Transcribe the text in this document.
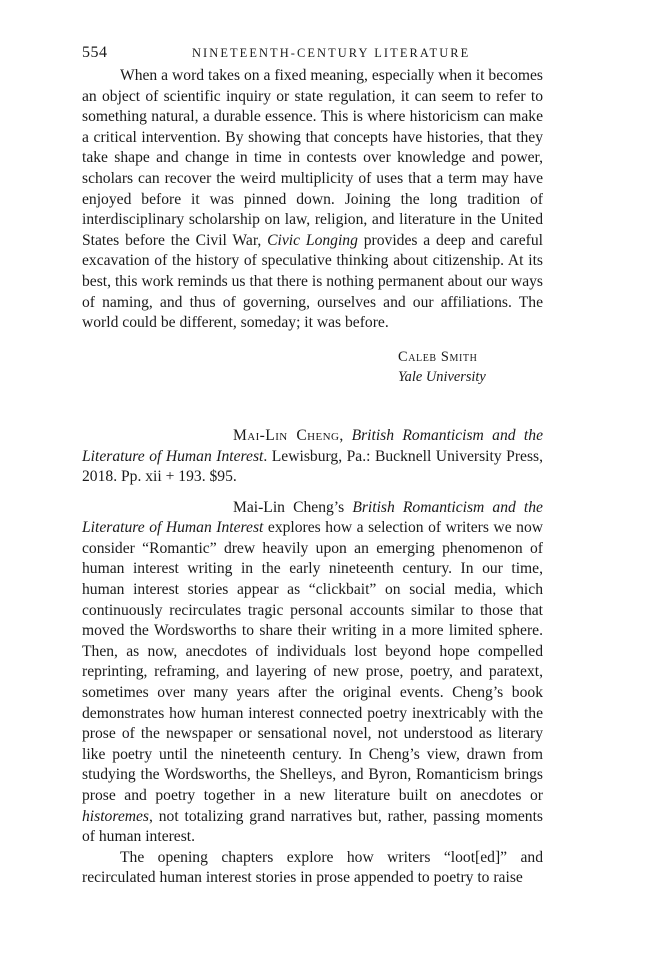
554	NINETEENTH-CENTURY LITERATURE

When a word takes on a fixed meaning, especially when it becomes an object of scientific inquiry or state regulation, it can seem to refer to something natural, a durable essence. This is where historicism can make a critical intervention. By showing that concepts have histories, that they take shape and change in time in contests over knowledge and power, scholars can recover the weird multiplicity of uses that a term may have enjoyed before it was pinned down. Joining the long tradition of interdisciplinary scholarship on law, religion, and literature in the United States before the Civil War, Civic Longing provides a deep and careful excavation of the history of speculative thinking about citizenship. At its best, this work reminds us that there is nothing permanent about our ways of naming, and thus of governing, ourselves and our affiliations. The world could be different, someday; it was before.

Caleb Smith
Yale University

Mai-Lin Cheng, British Romanticism and the Literature of Human Interest. Lewisburg, Pa.: Bucknell University Press, 2018. Pp. xii + 193. $95.

Mai-Lin Cheng’s British Romanticism and the Literature of Human Interest explores how a selection of writers we now consider “Romantic” drew heavily upon an emerging phenomenon of human interest writing in the early nineteenth century. In our time, human interest stories appear as “clickbait” on social media, which continuously recirculates tragic personal accounts similar to those that moved the Wordsworths to share their writing in a more limited sphere. Then, as now, anecdotes of individuals lost beyond hope compelled reprinting, reframing, and layering of new prose, poetry, and paratext, sometimes over many years after the original events. Cheng’s book demonstrates how human interest connected poetry inextricably with the prose of the newspaper or sensational novel, not understood as literary like poetry until the nineteenth century. In Cheng’s view, drawn from studying the Wordsworths, the Shelleys, and Byron, Romanticism brings prose and poetry together in a new literature built on anecdotes or historemes, not totalizing grand narratives but, rather, passing moments of human interest.

The opening chapters explore how writers “loot[ed]” and recirculated human interest stories in prose appended to poetry to raise
